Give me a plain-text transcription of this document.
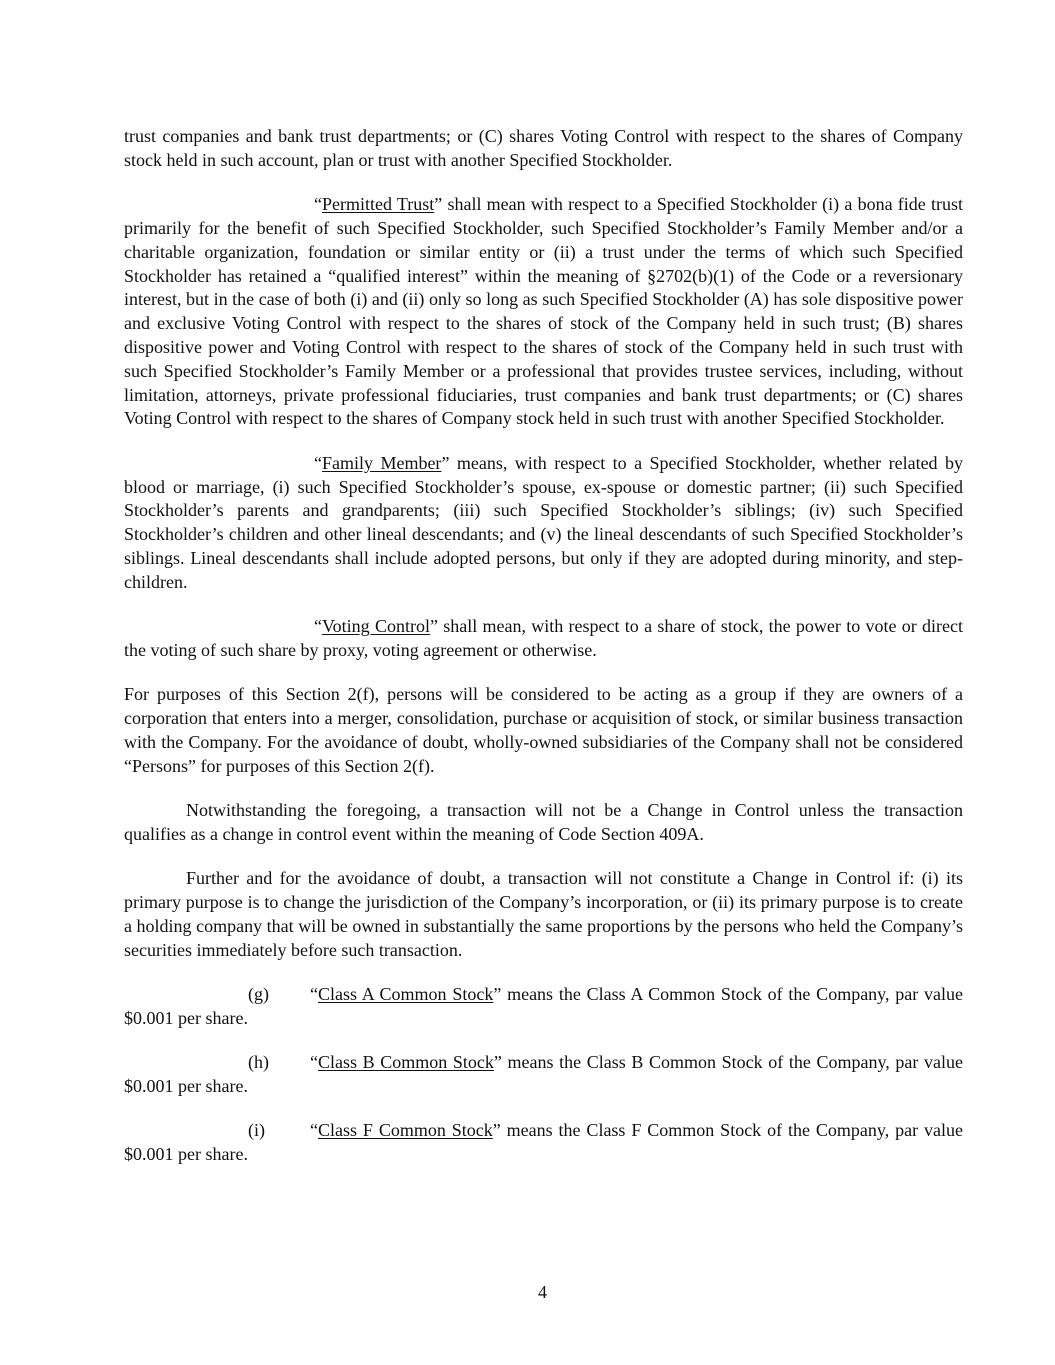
trust companies and bank trust departments; or (C) shares Voting Control with respect to the shares of Company stock held in such account, plan or trust with another Specified Stockholder.

“Permitted Trust” shall mean with respect to a Specified Stockholder (i) a bona fide trust primarily for the benefit of such Specified Stockholder, such Specified Stockholder’s Family Member and/or a charitable organization, foundation or similar entity or (ii) a trust under the terms of which such Specified Stockholder has retained a “qualified interest” within the meaning of §2702(b)(1) of the Code or a reversionary interest, but in the case of both (i) and (ii) only so long as such Specified Stockholder (A) has sole dispositive power and exclusive Voting Control with respect to the shares of stock of the Company held in such trust; (B) shares dispositive power and Voting Control with respect to the shares of stock of the Company held in such trust with such Specified Stockholder’s Family Member or a professional that provides trustee services, including, without limitation, attorneys, private professional fiduciaries, trust companies and bank trust departments; or (C) shares Voting Control with respect to the shares of Company stock held in such trust with another Specified Stockholder.

“Family Member” means, with respect to a Specified Stockholder, whether related by blood or marriage, (i) such Specified Stockholder’s spouse, ex-spouse or domestic partner; (ii) such Specified Stockholder’s parents and grandparents; (iii) such Specified Stockholder’s siblings; (iv) such Specified Stockholder’s children and other lineal descendants; and (v) the lineal descendants of such Specified Stockholder’s siblings. Lineal descendants shall include adopted persons, but only if they are adopted during minority, and step-children.

“Voting Control” shall mean, with respect to a share of stock, the power to vote or direct the voting of such share by proxy, voting agreement or otherwise.

For purposes of this Section 2(f), persons will be considered to be acting as a group if they are owners of a corporation that enters into a merger, consolidation, purchase or acquisition of stock, or similar business transaction with the Company. For the avoidance of doubt, wholly-owned subsidiaries of the Company shall not be considered “Persons” for purposes of this Section 2(f).

Notwithstanding the foregoing, a transaction will not be a Change in Control unless the transaction qualifies as a change in control event within the meaning of Code Section 409A.

Further and for the avoidance of doubt, a transaction will not constitute a Change in Control if: (i) its primary purpose is to change the jurisdiction of the Company’s incorporation, or (ii) its primary purpose is to create a holding company that will be owned in substantially the same proportions by the persons who held the Company’s securities immediately before such transaction.

(g) “Class A Common Stock” means the Class A Common Stock of the Company, par value $0.001 per share.

(h) “Class B Common Stock” means the Class B Common Stock of the Company, par value $0.001 per share.

(i)	“Class F Common Stock” means the Class F Common Stock of the Company, par value $0.001 per share.

4
